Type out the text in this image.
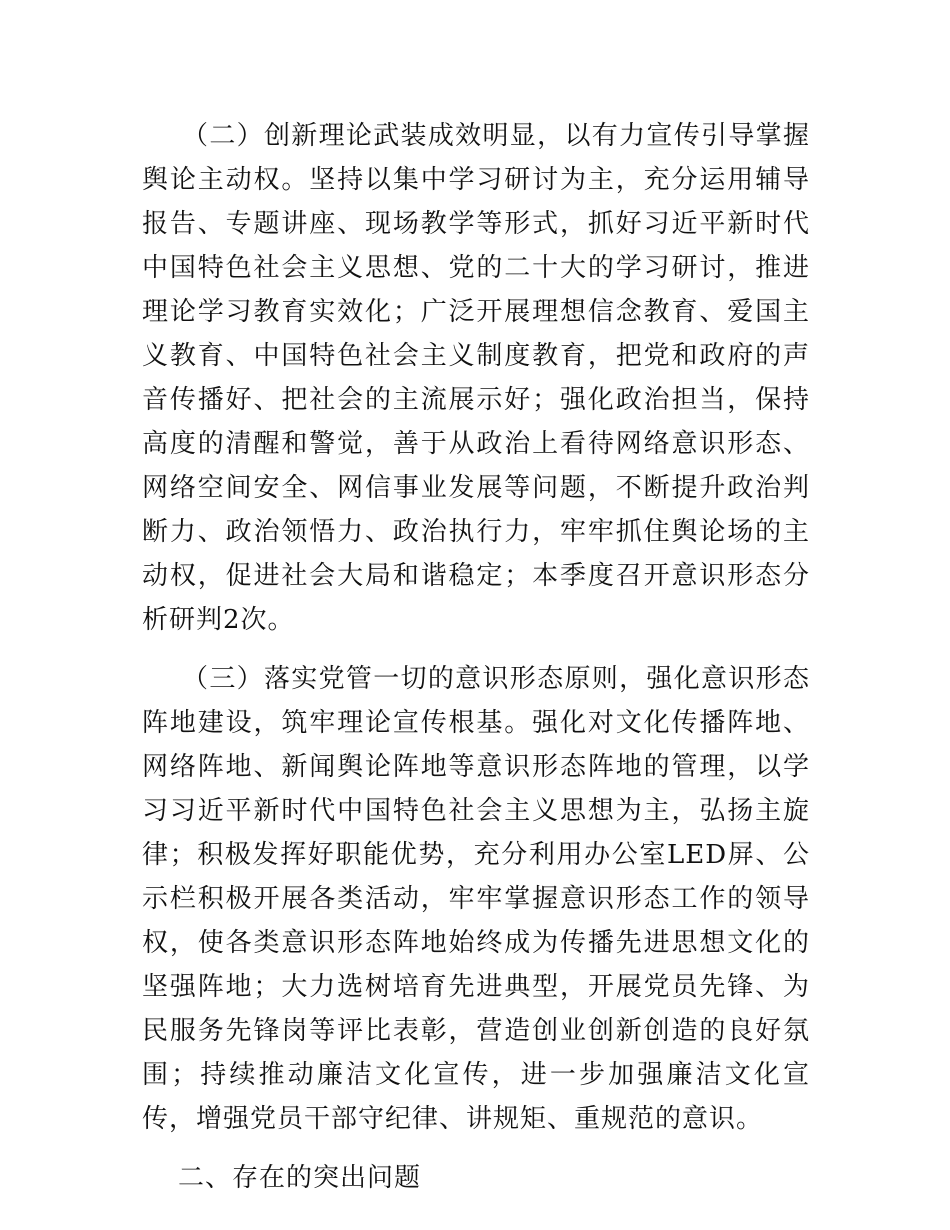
（二）创新理论武装成效明显，以有力宣传引导掌握舆论主动权。坚持以集中学习研讨为主，充分运用辅导报告、专题讲座、现场教学等形式，抓好习近平新时代中国特色社会主义思想、党的二十大的学习研讨，推进理论学习教育实效化；广泛开展理想信念教育、爱国主义教育、中国特色社会主义制度教育，把党和政府的声音传播好、把社会的主流展示好；强化政治担当，保持高度的清醒和警觉，善于从政治上看待网络意识形态、网络空间安全、网信事业发展等问题，不断提升政治判断力、政治领悟力、政治执行力，牢牢抓住舆论场的主动权，促进社会大局和谐稳定；本季度召开意识形态分析研判2次。

（三）落实党管一切的意识形态原则，强化意识形态阵地建设，筑牢理论宣传根基。强化对文化传播阵地、网络阵地、新闻舆论阵地等意识形态阵地的管理，以学习习近平新时代中国特色社会主义思想为主，弘扬主旋律；积极发挥好职能优势，充分利用办公室LED屏、公示栏积极开展各类活动，牢牢掌握意识形态工作的领导权，使各类意识形态阵地始终成为传播先进思想文化的坚强阵地；大力选树培育先进典型，开展党员先锋、为民服务先锋岗等评比表彰，营造创业创新创造的良好氛围；持续推动廉洁文化宣传，进一步加强廉洁文化宣传，增强党员干部守纪律、讲规矩、重规范的意识。

二、存在的突出问题
